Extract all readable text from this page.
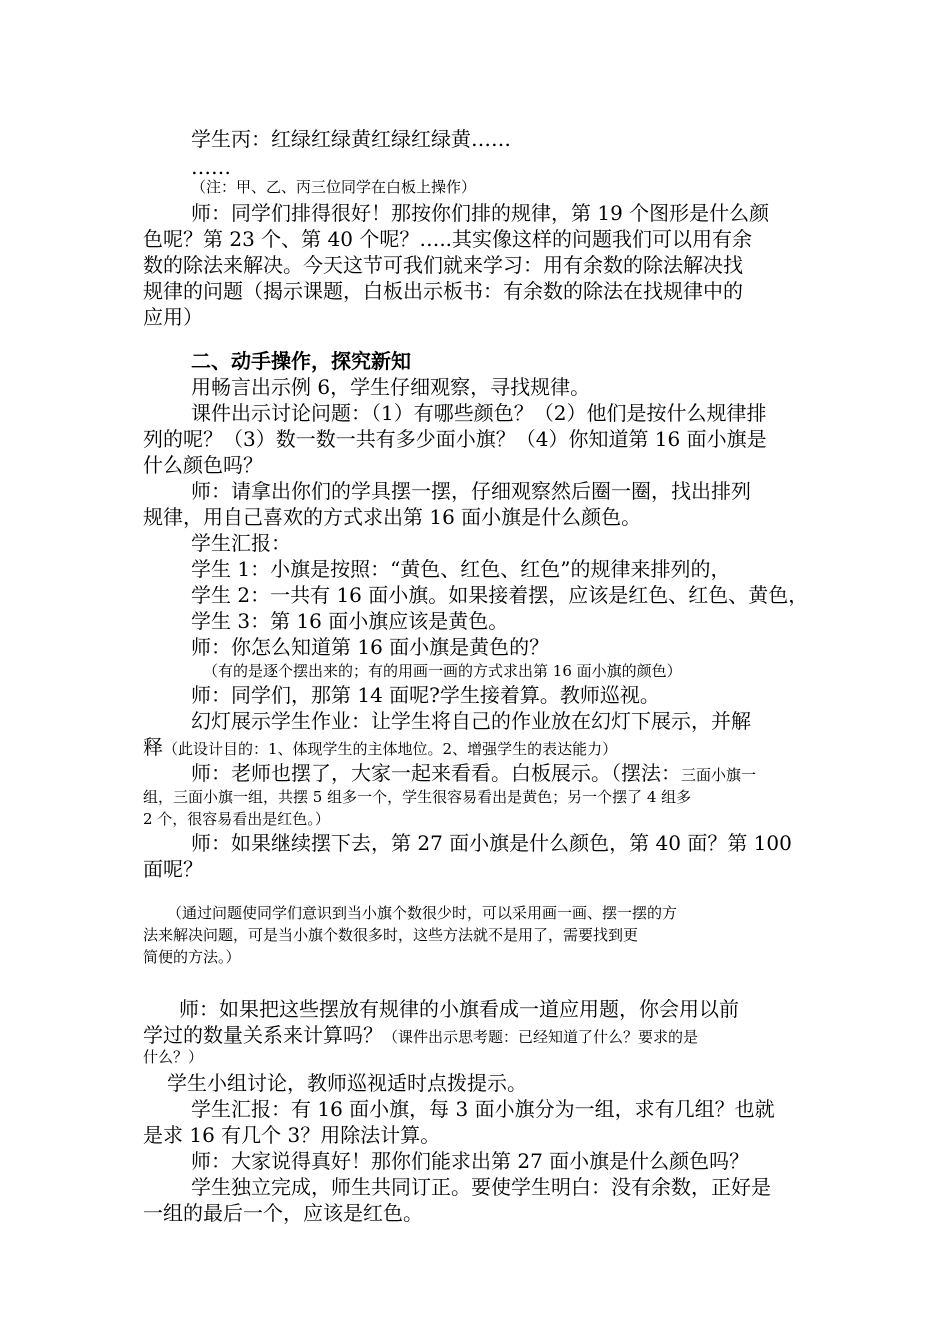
学生丙：红绿红绿黄红绿红绿黄……
……
（注：甲、乙、丙三位同学在白板上操作）
师：同学们排得很好！那按你们排的规律，第 19 个图形是什么颜
色呢？第 23 个、第 40 个呢？…..其实像这样的问题我们可以用有余
数的除法来解决。今天这节可我们就来学习：用有余数的除法解决找
规律的问题（揭示课题，白板出示板书：有余数的除法在找规律中的
应用）
二、动手操作，探究新知
用畅言出示例 6，学生仔细观察，寻找规律。
课件出示讨论问题：（1）有哪些颜色？（2）他们是按什么规律排
列的呢？（3）数一数一共有多少面小旗？（4）你知道第 16 面小旗是
什么颜色吗？
师：请拿出你们的学具摆一摆，仔细观察然后圈一圈，找出排列
规律，用自己喜欢的方式求出第 16 面小旗是什么颜色。
学生汇报：
学生 1：小旗是按照：“黄色、红色、红色”的规律来排列的，
学生 2：一共有 16 面小旗。如果接着摆，应该是红色、红色、黄色，
学生 3：第 16 面小旗应该是黄色。
师：你怎么知道第 16 面小旗是黄色的？
（有的是逐个摆出来的；有的用画一画的方式求出第 16 面小旗的颜色）
师：同学们，那第 14 面呢?学生接着算。教师巡视。
幻灯展示学生作业：让学生将自己的作业放在幻灯下展示，并解
释（此设计目的：1、体现学生的主体地位。2、增强学生的表达能力）
师：老师也摆了，大家一起来看看。白板展示。（摆法：三面小旗一
组，三面小旗一组，共摆 5 组多一个，学生很容易看出是黄色；另一个摆了 4 组多
2 个，很容易看出是红色。）
师：如果继续摆下去，第 27 面小旗是什么颜色，第 40 面？第 100
面呢？
（通过问题使同学们意识到当小旗个数很少时，可以采用画一画、摆一摆的方
法来解决问题，可是当小旗个数很多时，这些方法就不是用了，需要找到更
简便的方法。）
师：如果把这些摆放有规律的小旗看成一道应用题，你会用以前
学过的数量关系来计算吗？（课件出示思考题：已经知道了什么？要求的是
什么？）
学生小组讨论，教师巡视适时点拨提示。
学生汇报：有 16 面小旗，每 3 面小旗分为一组，求有几组？也就
是求 16 有几个 3？用除法计算。
师：大家说得真好！那你们能求出第 27 面小旗是什么颜色吗？
学生独立完成，师生共同订正。要使学生明白：没有余数，正好是
一组的最后一个，应该是红色。
